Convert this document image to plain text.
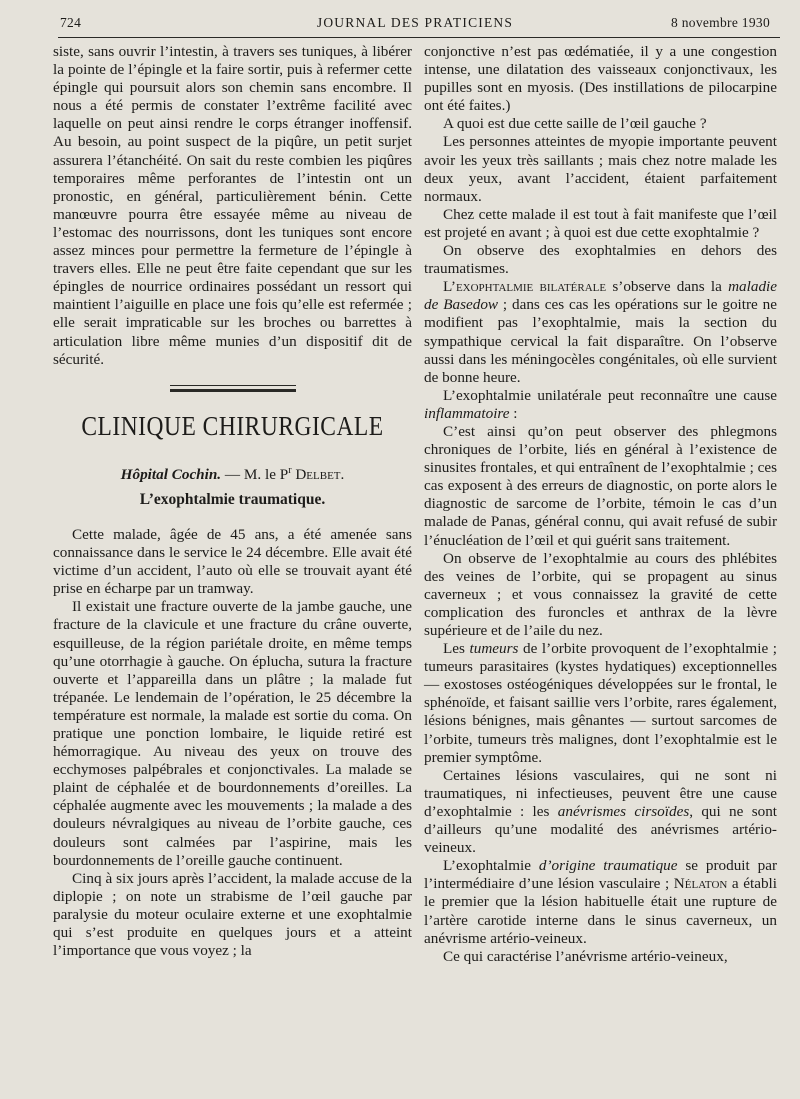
724	JOURNAL DES PRATICIENS	8 novembre 1930

siste, sans ouvrir l’intestin, à travers ses tuniques, à libérer la pointe de l’épingle et la faire sortir, puis à refermer cette épingle qui poursuit alors son chemin sans encombre. Il nous a été permis de constater l’extrême facilité avec laquelle on peut ainsi rendre le corps étranger inoffensif. Au besoin, au point suspect de la piqûre, un petit surjet assurera l’étanchéité. On sait du reste combien les piqûres temporaires même perforantes de l’intestin ont un pronostic, en général, particulièrement bénin. Cette manœuvre pourra être essayée même au niveau de l’estomac des nourrissons, dont les tuniques sont encore assez minces pour permettre la fermeture de l’épingle à travers elles. Elle ne peut être faite cependant que sur les épingles de nourrice ordinaires possédant un ressort qui maintient l’aiguille en place une fois qu’elle est refermée ; elle serait impraticable sur les broches ou barrettes à articulation libre même munies d’un dispositif dit de sécurité.

CLINIQUE CHIRURGICALE
Hôpital Cochin. — M. le $P^r$ Delbet.
L’exophtalmie traumatique.

Cette malade, âgée de 45 ans, a été amenée sans connaissance dans le service le 24 décembre. Elle avait été victime d’un accident, l’auto où elle se trouvait ayant été prise en écharpe par un tramway.

Il existait une fracture ouverte de la jambe gauche, une fracture de la clavicule et une fracture du crâne ouverte, esquilleuse, de la région pariétale droite, en même temps qu’une otorrhagie à gauche. On éplucha, sutura la fracture ouverte et l’appareilla dans un plâtre ; la malade fut trépanée. Le lendemain de l’opération, le 25 décembre la température est normale, la malade est sortie du coma. On pratique une ponction lombaire, le liquide retiré est hémorragique. Au niveau des yeux on trouve des ecchymoses palpébrales et conjonctivales. La malade se plaint de céphalée et de bourdonnements d’oreilles. La céphalée augmente avec les mouvements ; la malade a des douleurs névralgiques au niveau de l’orbite gauche, ces douleurs sont calmées par l’aspirine, mais les bourdonnements de l’oreille gauche continuent.

Cinq à six jours après l’accident, la malade accuse de la diplopie ; on note un strabisme de l’œil gauche par paralysie du moteur oculaire externe et une exophtalmie qui s’est produite en quelques jours et a atteint l’importance que vous voyez ; la

conjonctive n’est pas œdématiée, il y a une congestion intense, une dilatation des vaisseaux conjonctivaux, les pupilles sont en myosis. (Des instillations de pilocarpine ont été faites.)

A quoi est due cette saille de l’œil gauche ?

Les personnes atteintes de myopie importante peuvent avoir les yeux très saillants ; mais chez notre malade les deux yeux, avant l’accident, étaient parfaitement normaux.

Chez cette malade il est tout à fait manifeste que l’œil est projeté en avant ; à quoi est due cette exophtalmie ?

On observe des exophtalmies en dehors des traumatismes.

L’exophtalmie bilatérale s’observe dans la maladie de Basedow ; dans ces cas les opérations sur le goitre ne modifient pas l’exophtalmie, mais la section du sympathique cervical la fait disparaître. On l’observe aussi dans les méningocèles congénitales, où elle survient de bonne heure.

L’exophtalmie unilatérale peut reconnaître une cause inflammatoire :

C’est ainsi qu’on peut observer des phlegmons chroniques de l’orbite, liés en général à l’existence de sinusites frontales, et qui entraînent de l’exophtalmie ; ces cas exposent à des erreurs de diagnostic, on porte alors le diagnostic de sarcome de l’orbite, témoin le cas d’un malade de Panas, général connu, qui avait refusé de subir l’énucléation de l’œil et qui guérit sans traitement.

On observe de l’exophtalmie au cours des phlébites des veines de l’orbite, qui se propagent au sinus caverneux ; et vous connaissez la gravité de cette complication des furoncles et anthrax de la lèvre supérieure et de l’aile du nez.

Les tumeurs de l’orbite provoquent de l’exophtalmie ; tumeurs parasitaires (kystes hydatiques) exceptionnelles — exostoses ostéogéniques développées sur le frontal, le sphénoïde, et faisant saillie vers l’orbite, rares également, lésions bénignes, mais gênantes — surtout sarcomes de l’orbite, tumeurs très malignes, dont l’exophtalmie est le premier symptôme.

Certaines lésions vasculaires, qui ne sont ni traumatiques, ni infectieuses, peuvent être une cause d’exophtalmie : les anévrismes cirsoïdes, qui ne sont d’ailleurs qu’une modalité des anévrismes artério-veineux.

L’exophtalmie d’origine traumatique se produit par l’intermédiaire d’une lésion vasculaire ; Nélaton a établi le premier que la lésion habituelle était une rupture de l’artère carotide interne dans le sinus caverneux, un anévrisme artério-veineux.

Ce qui caractérise l’anévrisme artério-veineux,
